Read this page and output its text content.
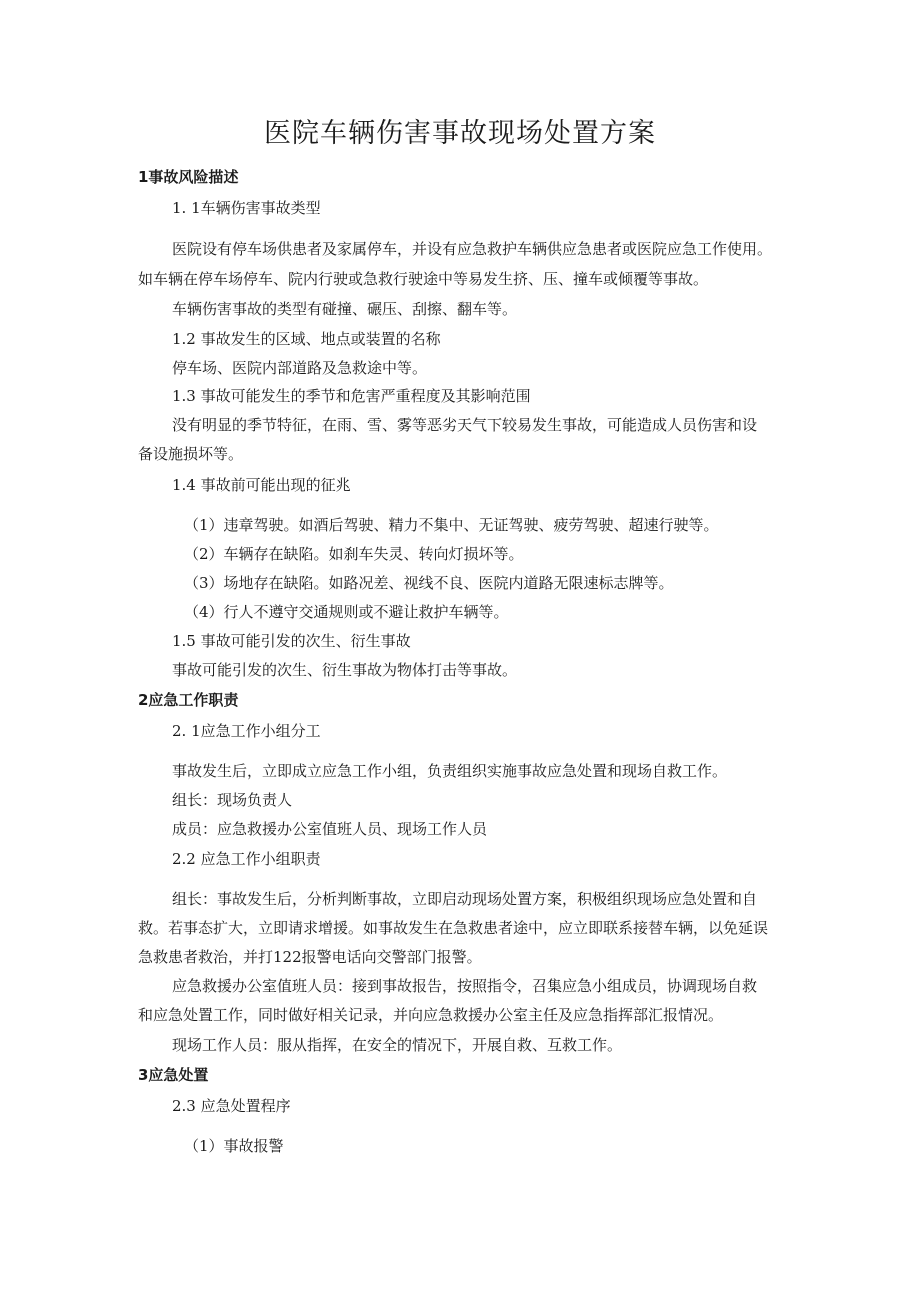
医院车辆伤害事故现场处置方案
1事故风险描述
1. 1车辆伤害事故类型
医院设有停车场供患者及家属停车，并设有应急救护车辆供应急患者或医院应急工作使用。
如车辆在停车场停车、院内行驶或急救行驶途中等易发生挤、压、撞车或倾覆等事故。
车辆伤害事故的类型有碰撞、碾压、刮擦、翻车等。
1.2 事故发生的区域、地点或装置的名称
停车场、医院内部道路及急救途中等。
1.3 事故可能发生的季节和危害严重程度及其影响范围
没有明显的季节特征，在雨、雪、雾等恶劣天气下较易发生事故，可能造成人员伤害和设
备设施损坏等。
1.4 事故前可能出现的征兆
（1）违章驾驶。如酒后驾驶、精力不集中、无证驾驶、疲劳驾驶、超速行驶等。
（2）车辆存在缺陷。如刹车失灵、转向灯损坏等。
（3）场地存在缺陷。如路况差、视线不良、医院内道路无限速标志牌等。
（4）行人不遵守交通规则或不避让救护车辆等。
1.5 事故可能引发的次生、衍生事故
事故可能引发的次生、衍生事故为物体打击等事故。
2应急工作职责
2. 1应急工作小组分工
事故发生后，立即成立应急工作小组，负责组织实施事故应急处置和现场自救工作。
组长：现场负责人
成员：应急救援办公室值班人员、现场工作人员
2.2 应急工作小组职责
组长：事故发生后，分析判断事故，立即启动现场处置方案，积极组织现场应急处置和自
救。若事态扩大，立即请求增援。如事故发生在急救患者途中，应立即联系接替车辆，以免延误
急救患者救治，并打122报警电话向交警部门报警。
应急救援办公室值班人员：接到事故报告，按照指令，召集应急小组成员，协调现场自救
和应急处置工作，同时做好相关记录，并向应急救援办公室主任及应急指挥部汇报情况。
现场工作人员：服从指挥，在安全的情况下，开展自救、互救工作。
3应急处置
2.3 应急处置程序
（1）事故报警
